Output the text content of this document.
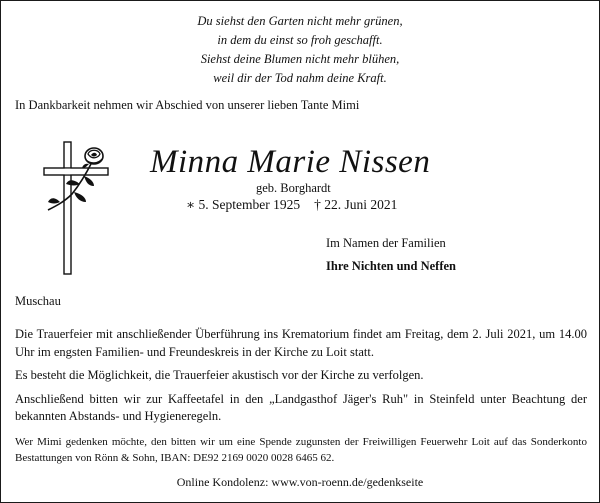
Du siehst den Garten nicht mehr grünen,
in dem du einst so froh geschafft.
Siehst deine Blumen nicht mehr blühen,
weil dir der Tod nahm deine Kraft.
In Dankbarkeit nehmen wir Abschied von unserer lieben Tante Mimi
Minna Marie Nissen
geb. Borghardt
∗ 5. September 1925 † 22. Juni 2021
Im Namen der Familien
Ihre Nichten und Neffen
Muschau

Die Trauerfeier mit anschließender Überführung ins Krematorium findet am Freitag, dem 2. Juli 2021, um 14.00 Uhr im engsten Familien- und Freundeskreis in der Kirche zu Loit statt.

Es besteht die Möglichkeit, die Trauerfeier akustisch vor der Kirche zu verfolgen.

Anschließend bitten wir zur Kaffeetafel in den „Landgasthof Jäger's Ruh" in Steinfeld unter Beachtung der bekannten Abstands- und Hygieneregeln.

Wer Mimi gedenken möchte, den bitten wir um eine Spende zugunsten der Freiwilligen Feuerwehr Loit auf das Sonderkonto Bestattungen von Rönn & Sohn, IBAN: DE92 2169 0020 0028 6465 62.
Online Kondolenz: www.von-roenn.de/gedenkseite
